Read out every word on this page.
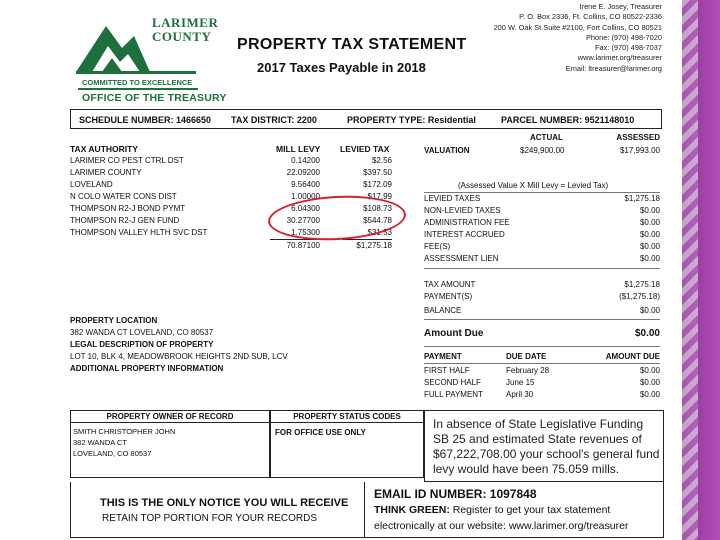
LARIMER
COUNTY
COMMITTED TO EXCELLENCE
OFFICE OF THE TREASURY
PROPERTY TAX STATEMENT
2017 Taxes Payable in 2018
Irene E. Josey, Treasurer
P. O. Box 2336, Ft. Collins, CO 80522-2336
200 W. Oak St Suite #2100, Fort Collins, CO 80521
Phone: (970) 498-7020
Fax: (970) 498-7037
www.larimer.org/treasurer
Email: ltreasurer@larimer.org
SCHEDULE NUMBER: 1466650 TAX DISTRICT: 2200	PROPERTY TYPE: Residential	PARCEL NUMBER: 9521148010
TAX AUTHORITY	MILL LEVY LEVIED TAX
LARIMER CO PEST CTRL DST	0.14200	$2.56
LARIMER COUNTY	22.09200	$397.50
LOVELAND	9.56400	$172.09
N COLO WATER CONS DIST	1.00000	$17.99
THOMPSON R2-J BOND PYMT	6.04300	$108.73
THOMPSON R2-J GEN FUND	30.27700	$544.78
THOMPSON VALLEY HLTH SVC DST	1.75300	$31.53
70.87100	$1,275.18
ACTUAL	ASSESSED
VALUATION	$249,900.00	$17,993.00
(Assessed Value X Mill Levy = Levied Tax)
LEVIED TAXES	$1,275.18
NON-LEVIED TAXES	$0.00
ADMINISTRATION FEE	$0.00
INTEREST ACCRUED	$0.00
FEE(S)	$0.00
ASSESSMENT LIEN	$0.00
TAX AMOUNT	$1,275.18
PAYMENT(S)	($1,275.18)
BALANCE	$0.00
Amount Due	$0.00
PROPERTY LOCATION
382 WANDA CT LOVELAND, CO 80537
LEGAL DESCRIPTION OF PROPERTY
LOT 10, BLK 4, MEADOWBROOK HEIGHTS 2ND SUB, LCV
ADDITIONAL PROPERTY INFORMATION
PAYMENT	DUE DATE	AMOUNT DUE
FIRST HALF	February 28	$0.00
SECOND HALF	June 15	$0.00
FULL PAYMENT	April 30	$0.00
PROPERTY OWNER OF RECORD
SMITH CHRISTOPHER JOHN
382 WANDA CT
LOVELAND, CO 80537
PROPERTY STATUS CODES
FOR OFFICE USE ONLY
In absence of State Legislative Funding SB 25 and estimated State revenues of $67,222,708.00 your school's general fund levy would have been 75.059 mills.
THIS IS THE ONLY NOTICE YOU WILL RECEIVE
RETAIN TOP PORTION FOR YOUR RECORDS
EMAIL ID NUMBER: 1097848
THINK GREEN: Register to get your tax statement
electronically at our website: www.larimer.org/treasurer
